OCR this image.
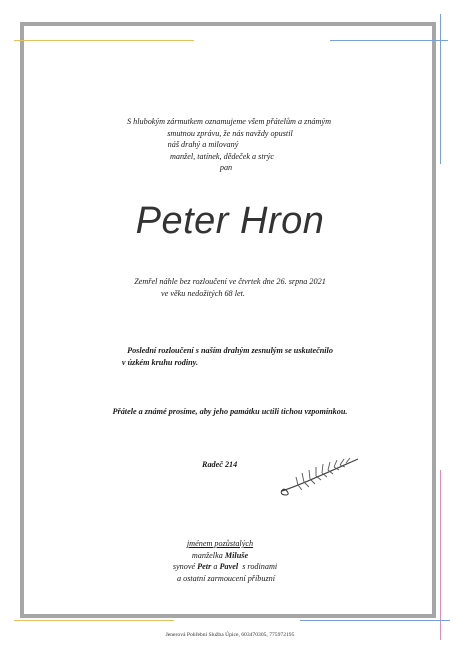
S hlubokým zármutkem oznamujeme všem přátelům a známým
smutnou zprávu, že nás navždy opustil
náš drahý a milovaný
manžel, tatínek, dědeček a strýc
pan
Peter Hron
Zemřel náhle bez rozloučení ve čtvrtek dne 26. srpna 2021
ve věku nedožitých 68 let.
Poslední rozloučení s naším drahým zesnulým se uskutečnilo
v úzkém kruhu rodiny.
Přátele a známé prosíme, aby jeho památku uctili tichou vzpomínkou.
Radeč 214
jménem pozůstalých
manželka Miluše
synové Petr a Pavel s rodinami
a ostatní zarmoucení příbuzní
Jenerová Pohřební Služba Úpice, 603470305, 775972195
